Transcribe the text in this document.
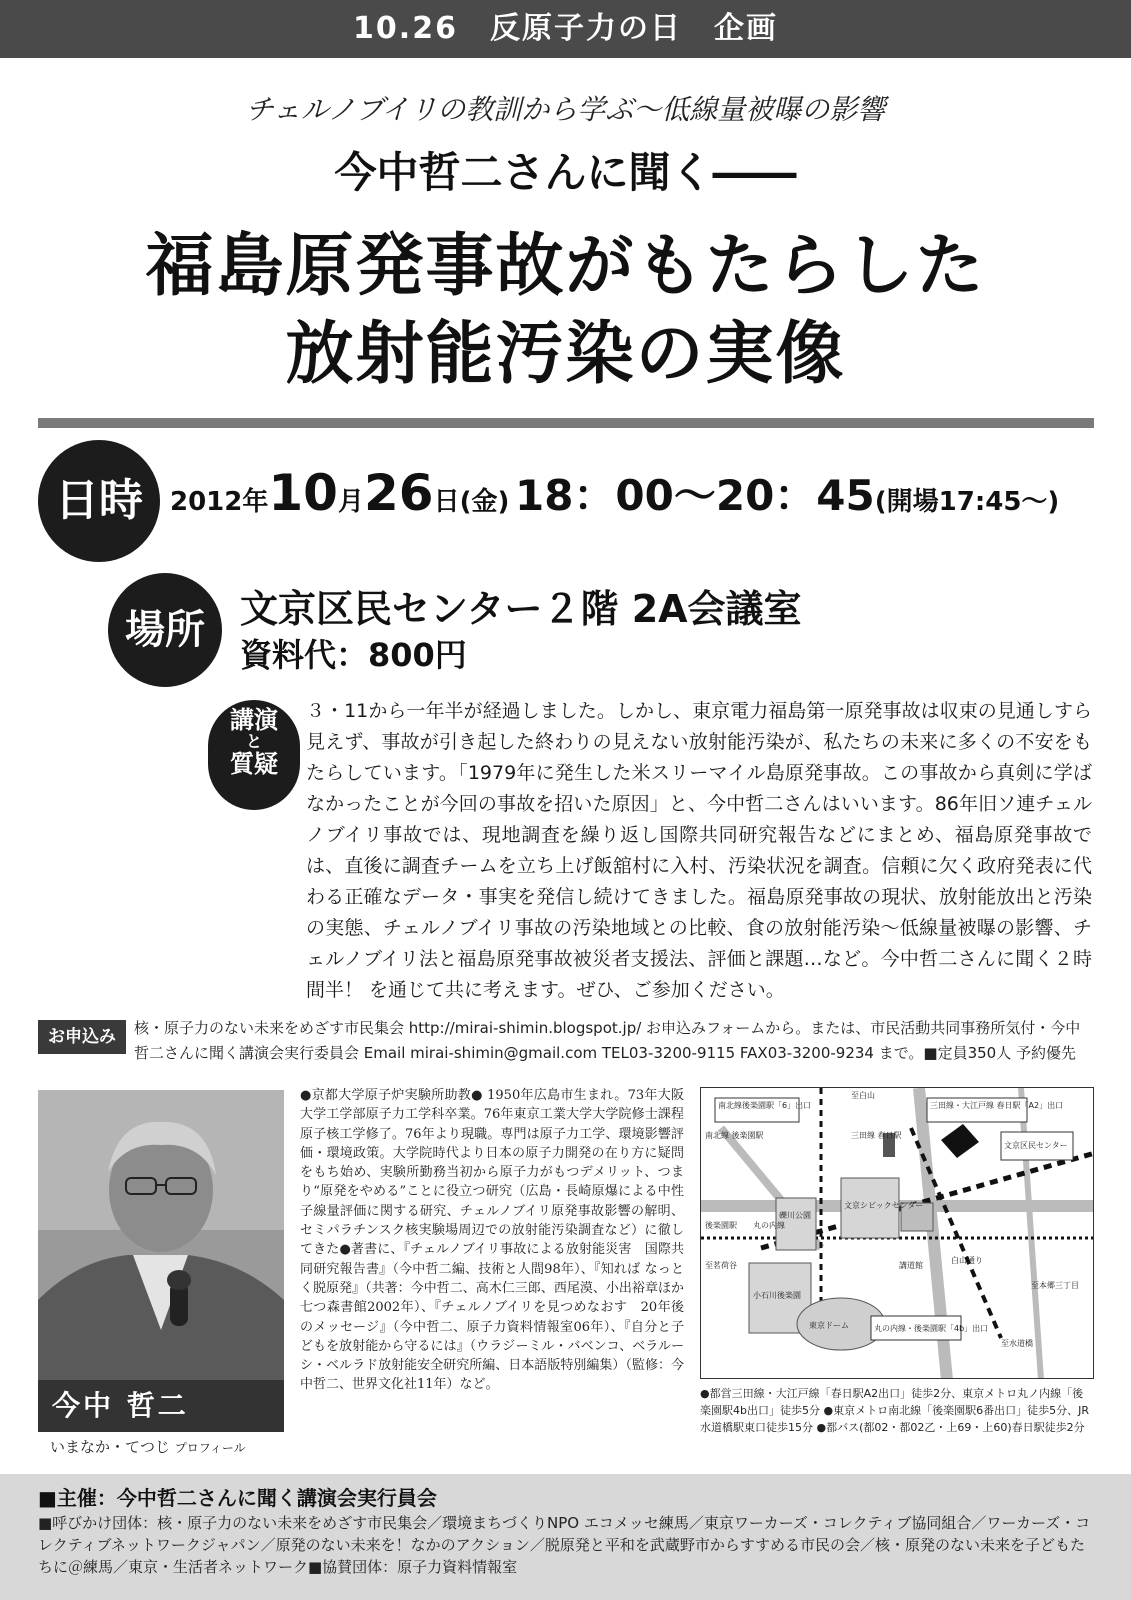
10.26　反原子力の日　企画
チェルノブイリの教訓から学ぶ～低線量被曝の影響
今中哲二さんに聞く――
福島原発事故がもたらした
放射能汚染の実像
日時	2012年10月26日(金) 18：00～20：45(開場17:45～)
場所 文京区民センター２階 2A会議室
資料代：800円
講演
と
質疑
３・11から一年半が経過しました。しかし、東京電力福島第一原発事故は収束の見通しすら見えず、事故が引き起した終わりの見えない放射能汚染が、私たちの未来に多くの不安をもたらしています。「1979年に発生した米スリーマイル島原発事故。この事故から真剣に学ばなかったことが今回の事故を招いた原因」と、今中哲二さんはいいます。86年旧ソ連チェルノブイリ事故では、現地調査を繰り返し国際共同研究報告などにまとめ、福島原発事故では、直後に調査チームを立ち上げ飯舘村に入村、汚染状況を調査。信頼に欠く政府発表に代わる正確なデータ・事実を発信し続けてきました。福島原発事故の現状、放射能放出と汚染の実態、チェルノブイリ事故の汚染地域との比較、食の放射能汚染～低線量被曝の影響、チェルノブイリ法と福島原発事故被災者支援法、評価と課題…など。今中哲二さんに聞く２時間半！ を通じて共に考えます。ぜひ、ご参加ください。
お申込み	核・原子力のない未来をめざす市民集会 http://mirai-shimin.blogspot.jp/ お申込みフォームから。または、市民活動共同事務所気付・今中哲二さんに聞く講演会実行委員会 Email mirai-shimin@gmail.com TEL03-3200-9115 FAX03-3200-9234 まで。■定員350人 予約優先
今中 哲二
いまなか・てつじ プロフィール
●京都大学原子炉実験所助教● 1950年広島市生まれ。73年大阪大学工学部原子力工学科卒業。76年東京工業大学大学院修士課程原子核工学修了。76年より現職。専門は原子力工学、環境影響評価・環境政策。大学院時代より日本の原子力開発の在り方に疑問をもち始め、実験所勤務当初から原子力がもつデメリット、つまり“原発をやめる”ことに役立つ研究（広島・長崎原爆による中性子線量評価に関する研究、チェルノブイリ原発事故影響の解明、セミパラチンスク核実験場周辺での放射能汚染調査など）に徹してきた●著書に、『チェルノブイリ事故による放射能災害　国際共同研究報告書』（今中哲二編、技術と人間98年）、『知れば なっとく脱原発』（共著：今中哲二、高木仁三郎、西尾漠、小出裕章ほか　七つ森書館2002年）、『チェルノブイリを見つめなおす　20年後のメッセージ』（今中哲二、原子力資料情報室06年）、『自分と子どもを放射能から守るには』（ウラジーミル・バベンコ、ベラルーシ・ベルラド放射能安全研究所編、日本語版特別編集）（監修：今中哲二、世界文化社11年）など。
南北線後楽園駅「6」出口	三田線・大江戸線 春日駅「A2」出口
至白山
南北線 後楽園駅	三田線 春日駅
文京区民センター
文京シビックセンター
礫川公園
丸の内線
後楽園駅
白山通り
講道館
小石川後楽園
東京ドーム	丸の内線・後楽園駅「4b」出口
至茗荷谷
至本郷三丁目
至水道橋
●都営三田線・大江戸線「春日駅A2出口」徒歩2分、東京メトロ丸ノ内線「後楽園駅4b出口」徒歩5分 ●東京メトロ南北線「後楽園駅6番出口」徒歩5分、JR水道橋駅東口徒歩15分 ●都バス(都02・都02乙・上69・上60)春日駅徒歩2分
■主催：今中哲二さんに聞く講演会実行員会
■呼びかけ団体：核・原子力のない未来をめざす市民集会／環境まちづくりNPO エコメッセ練馬／東京ワーカーズ・コレクティブ協同組合／ワーカーズ・コレクティブネットワークジャパン／原発のない未来を！なかのアクション／脱原発と平和を武蔵野市からすすめる市民の会／核・原発のない未来を子どもたちに＠練馬／東京・生活者ネットワーク■協賛団体：原子力資料情報室
